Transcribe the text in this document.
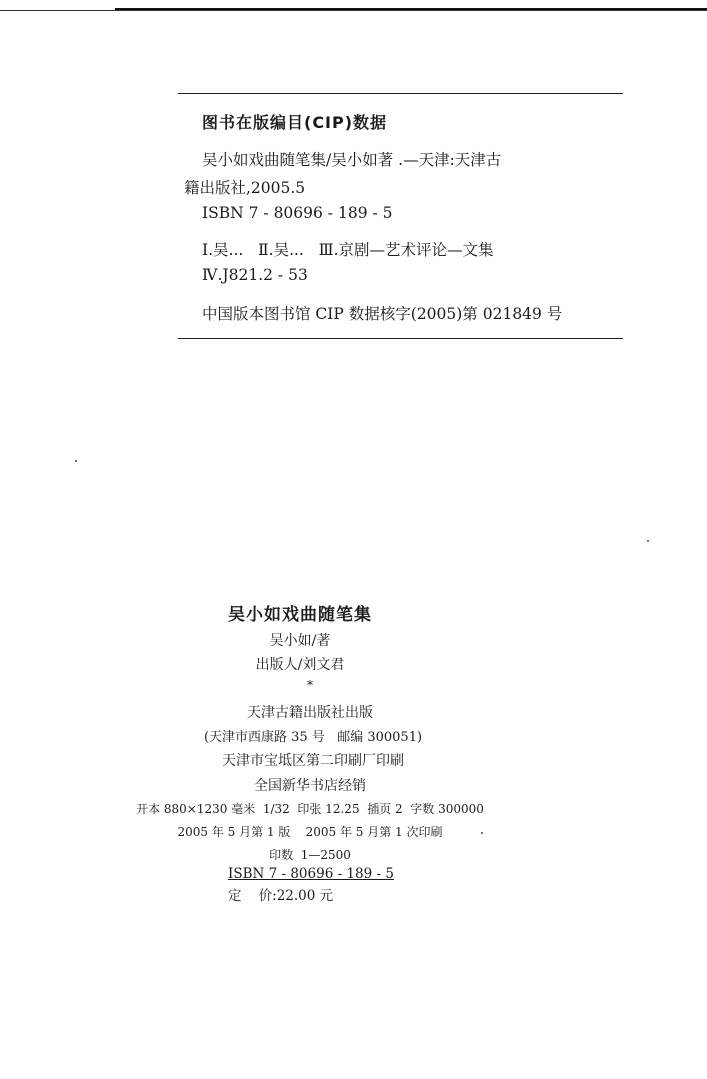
图书在版编目(CIP)数据
吴小如戏曲随笔集/吴小如著 .—天津:天津古
籍出版社,2005.5
ISBN 7 - 80696 - 189 - 5
Ⅰ.吴...   Ⅱ.吴...   Ⅲ.京剧—艺术评论—文集
Ⅳ.J821.2 - 53
中国版本图书馆 CIP 数据核字(2005)第 021849 号
吴小如戏曲随笔集
吴小如/著
出版人/刘文君
*
天津古籍出版社出版
(天津市西康路 35 号   邮编 300051)
天津市宝坻区第二印刷厂印刷
全国新华书店经销
开本 880×1230 毫米  1/32  印张 12.25  插页 2  字数 300000
2005 年 5 月第 1 版    2005 年 5 月第 1 次印刷
印数  1—2500
ISBN 7 - 80696 - 189 - 5
定    价:22.00 元
